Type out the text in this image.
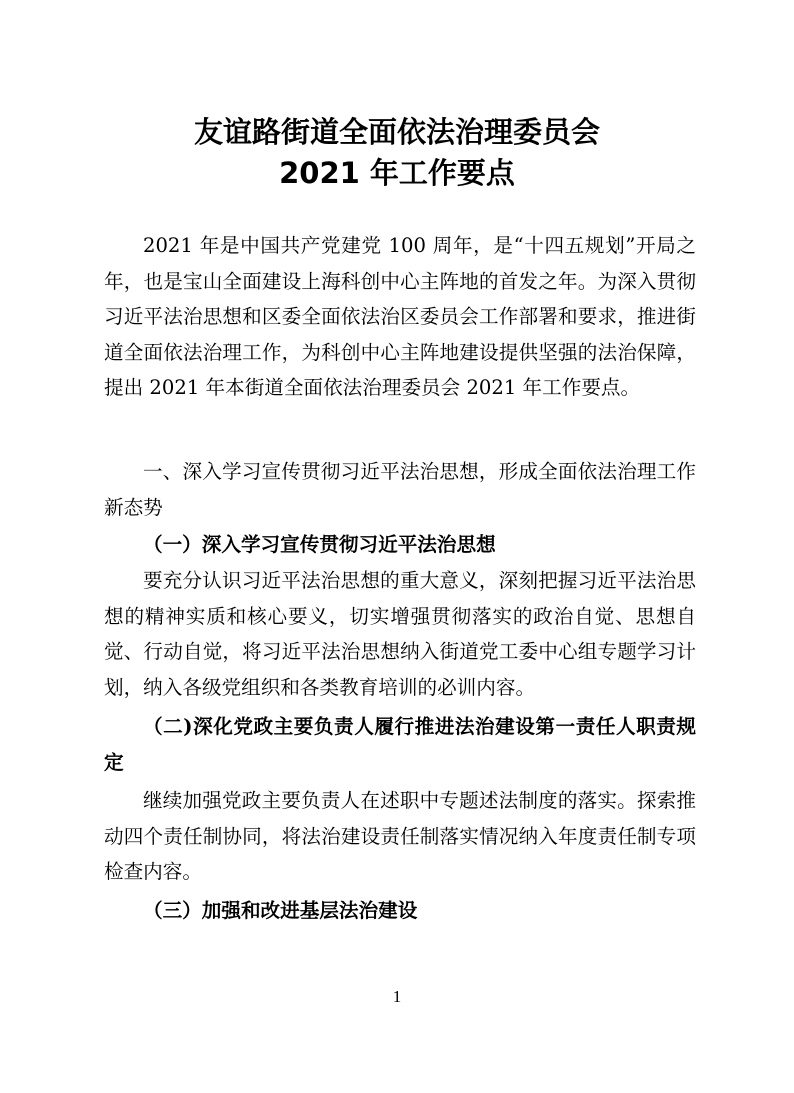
友谊路街道全面依法治理委员会
2021 年工作要点

2021 年是中国共产党建党 100 周年，是“十四五规划”开局之年，也是宝山全面建设上海科创中心主阵地的首发之年。为深入贯彻习近平法治思想和区委全面依法治区委员会工作部署和要求，推进街道全面依法治理工作，为科创中心主阵地建设提供坚强的法治保障，提出 2021 年本街道全面依法治理委员会 2021 年工作要点。

一、深入学习宣传贯彻习近平法治思想，形成全面依法治理工作新态势

（一）深入学习宣传贯彻习近平法治思想

要充分认识习近平法治思想的重大意义，深刻把握习近平法治思想的精神实质和核心要义，切实增强贯彻落实的政治自觉、思想自觉、行动自觉，将习近平法治思想纳入街道党工委中心组专题学习计划，纳入各级党组织和各类教育培训的必训内容。

（二)深化党政主要负责人履行推进法治建设第一责任人职责规定

继续加强党政主要负责人在述职中专题述法制度的落实。探索推动四个责任制协同，将法治建设责任制落实情况纳入年度责任制专项检查内容。

（三）加强和改进基层法治建设

1
